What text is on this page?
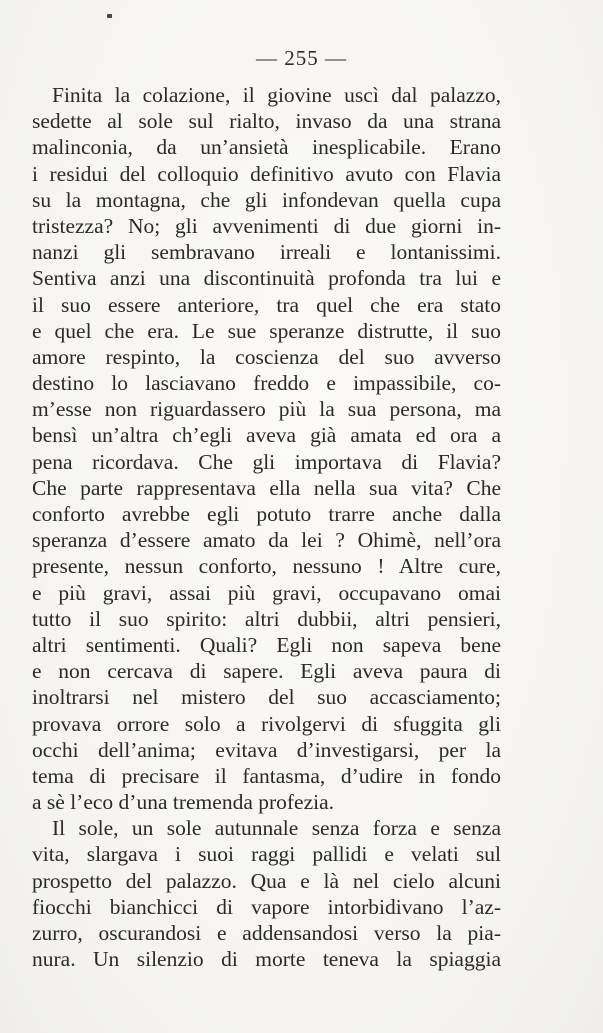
— 255 —
Finita la colazione, il giovine uscì dal palazzo,
sedette al sole sul rialto, invaso da una strana
malinconia, da un’ansietà inesplicabile. Erano
i residui del colloquio definitivo avuto con Flavia
su la montagna, che gli infondevan quella cupa
tristezza? No; gli avvenimenti di due giorni in-
nanzi gli sembravano irreali e lontanissimi.
Sentiva anzi una discontinuità profonda tra lui e
il suo essere anteriore, tra quel che era stato
e quel che era. Le sue speranze distrutte, il suo
amore respinto, la coscienza del suo avverso
destino lo lasciavano freddo e impassibile, co-
m’esse non riguardassero più la sua persona, ma
bensì un’altra ch’egli aveva già amata ed ora a
pena ricordava. Che gli importava di Flavia?
Che parte rappresentava ella nella sua vita? Che
conforto avrebbe egli potuto trarre anche dalla
speranza d’essere amato da lei ? Ohimè, nell’ora
presente, nessun conforto, nessuno ! Altre cure,
e più gravi, assai più gravi, occupavano omai
tutto il suo spirito: altri dubbii, altri pensieri,
altri sentimenti. Quali? Egli non sapeva bene
e non cercava di sapere. Egli aveva paura di
inoltrarsi nel mistero del suo accasciamento;
provava orrore solo a rivolgervi di sfuggita gli
occhi dell’anima; evitava d’investigarsi, per la
tema di precisare il fantasma, d’udire in fondo
a sè l’eco d’una tremenda profezia.
Il sole, un sole autunnale senza forza e senza
vita, slargava i suoi raggi pallidi e velati sul
prospetto del palazzo. Qua e là nel cielo alcuni
fiocchi bianchicci di vapore intorbidivano l’az-
zurro, oscurandosi e addensandosi verso la pia-
nura. Un silenzio di morte teneva la spiaggia
